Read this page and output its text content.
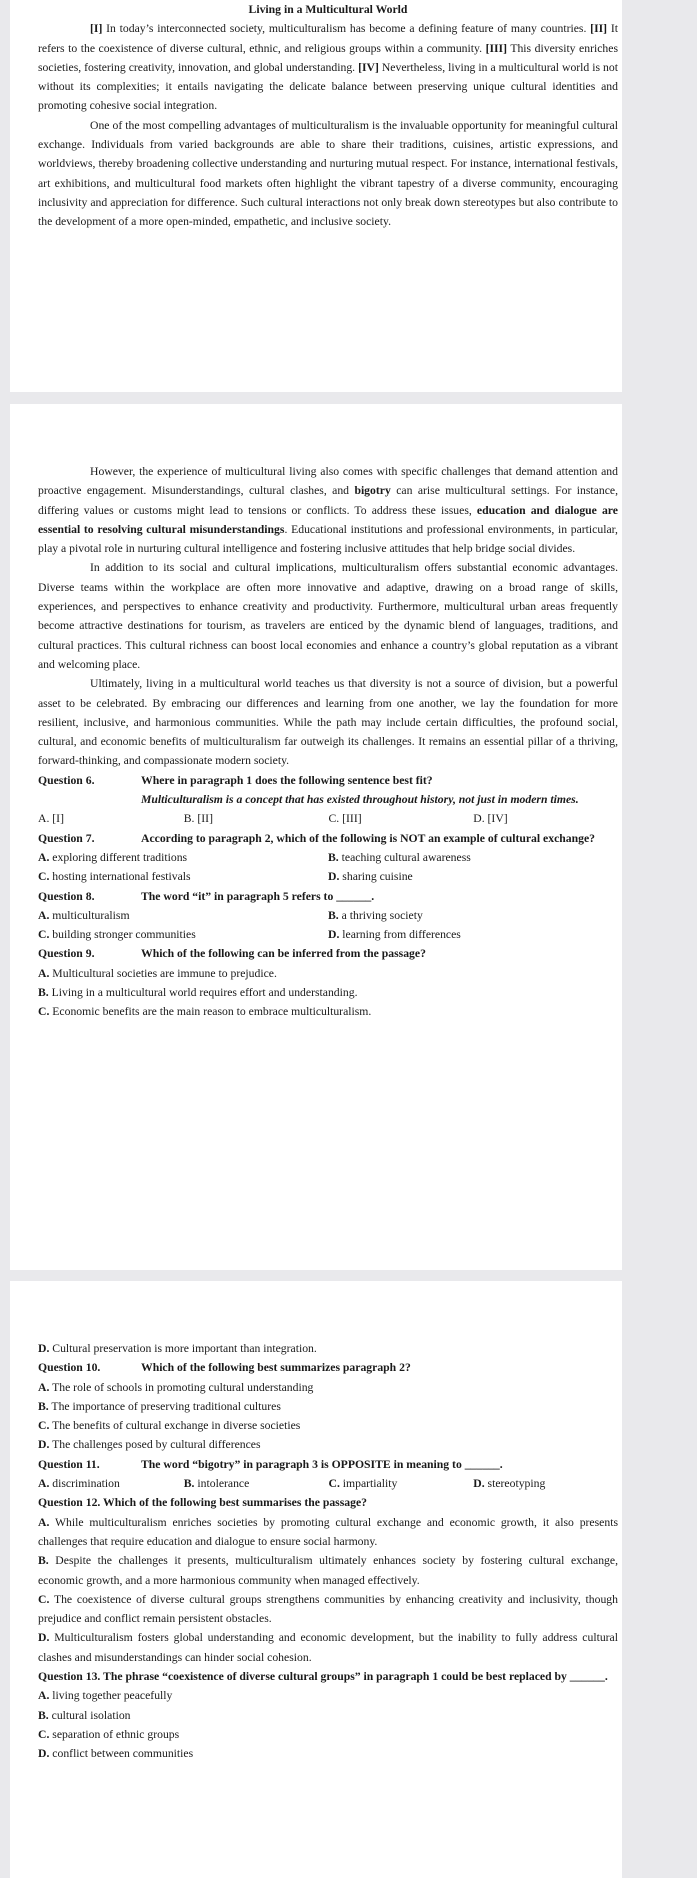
Living in a Multicultural World

[I] In today’s interconnected society, multiculturalism has become a defining feature of many countries. [II] It refers to the coexistence of diverse cultural, ethnic, and religious groups within a community. [III] This diversity enriches societies, fostering creativity, innovation, and global understanding. [IV] Nevertheless, living in a multicultural world is not without its complexities; it entails navigating the delicate balance between preserving unique cultural identities and promoting cohesive social integration.

One of the most compelling advantages of multiculturalism is the invaluable opportunity for meaningful cultural exchange. Individuals from varied backgrounds are able to share their traditions, cuisines, artistic expressions, and worldviews, thereby broadening collective understanding and nurturing mutual respect. For instance, international festivals, art exhibitions, and multicultural food markets often highlight the vibrant tapestry of a diverse community, encouraging inclusivity and appreciation for difference. Such cultural interactions not only break down stereotypes but also contribute to the development of a more open-minded, empathetic, and inclusive society.

However, the experience of multicultural living also comes with specific challenges that demand attention and proactive engagement. Misunderstandings, cultural clashes, and bigotry can arise multicultural settings. For instance, differing values or customs might lead to tensions or conflicts. To address these issues, education and dialogue are essential to resolving cultural misunderstandings. Educational institutions and professional environments, in particular, play a pivotal role in nurturing cultural intelligence and fostering inclusive attitudes that help bridge social divides.

In addition to its social and cultural implications, multiculturalism offers substantial economic advantages. Diverse teams within the workplace are often more innovative and adaptive, drawing on a broad range of skills, experiences, and perspectives to enhance creativity and productivity. Furthermore, multicultural urban areas frequently become attractive destinations for tourism, as travelers are enticed by the dynamic blend of languages, traditions, and cultural practices. This cultural richness can boost local economies and enhance a country’s global reputation as a vibrant and welcoming place.

Ultimately, living in a multicultural world teaches us that diversity is not a source of division, but a powerful asset to be celebrated. By embracing our differences and learning from one another, we lay the foundation for more resilient, inclusive, and harmonious communities. While the path may include certain difficulties, the profound social, cultural, and economic benefits of multiculturalism far outweigh its challenges. It remains an essential pillar of a thriving, forward-thinking, and compassionate modern society.

Question 6.	Where in paragraph 1 does the following sentence best fit?

Multiculturalism is a concept that has existed throughout history, not just in modern times.

A. [I]	B. [II]	C. [III]	D. [IV]
Question 7.	According to paragraph 2, which of the following is NOT an example of cultural exchange?
A. exploring different traditions	B. teaching cultural awareness
C. hosting international festivals	D. sharing cuisine
Question 8.	The word “it” in paragraph 5 refers to ______.
A. multiculturalism	B. a thriving society
C. building stronger communities	D. learning from differences
Question 9.	Which of the following can be inferred from the passage?

A. Multicultural societies are immune to prejudice.

B. Living in a multicultural world requires effort and understanding.

C. Economic benefits are the main reason to embrace multiculturalism.

D. Cultural preservation is more important than integration.

Question 10.	Which of the following best summarizes paragraph 2?

A. The role of schools in promoting cultural understanding

B. The importance of preserving traditional cultures

C. The benefits of cultural exchange in diverse societies

D. The challenges posed by cultural differences

Question 11.	The word “bigotry” in paragraph 3 is OPPOSITE in meaning to ______.
A. discrimination	B. intolerance	C. impartiality	D. stereotyping

Question 12. Which of the following best summarises the passage?

A. While multiculturalism enriches societies by promoting cultural exchange and economic growth, it also presents challenges that require education and dialogue to ensure social harmony.

B. Despite the challenges it presents, multiculturalism ultimately enhances society by fostering cultural exchange, economic growth, and a more harmonious community when managed effectively.

C. The coexistence of diverse cultural groups strengthens communities by enhancing creativity and inclusivity, though prejudice and conflict remain persistent obstacles.

D. Multiculturalism fosters global understanding and economic development, but the inability to fully address cultural clashes and misunderstandings can hinder social cohesion.

Question 13. The phrase “coexistence of diverse cultural groups” in paragraph 1 could be best replaced by ______.

A. living together peacefully

B. cultural isolation

C. separation of ethnic groups

D. conflict between communities
